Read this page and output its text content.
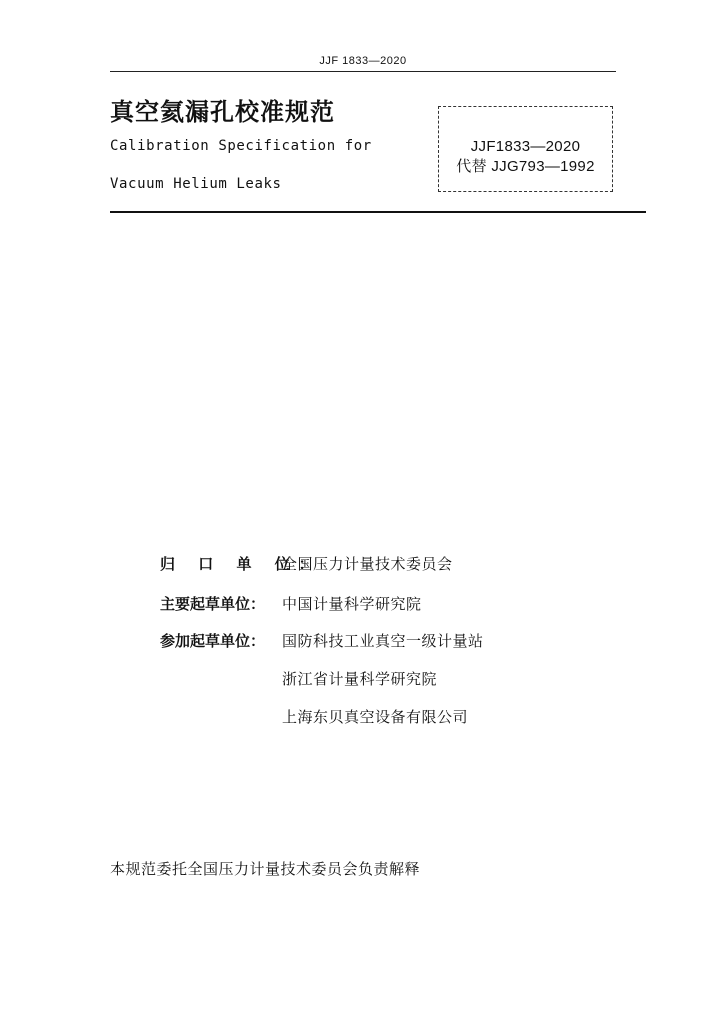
JJF 1833—2020
真空氦漏孔校准规范
Calibration Specification for
Vacuum Helium Leaks
JJF1833—2020
代替 JJG793—1992
归 口 单 位：全国压力计量技术委员会
主要起草单位： 中国计量科学研究院
参加起草单位： 国防科技工业真空一级计量站
浙江省计量科学研究院
上海东贝真空设备有限公司
本规范委托全国压力计量技术委员会负责解释
